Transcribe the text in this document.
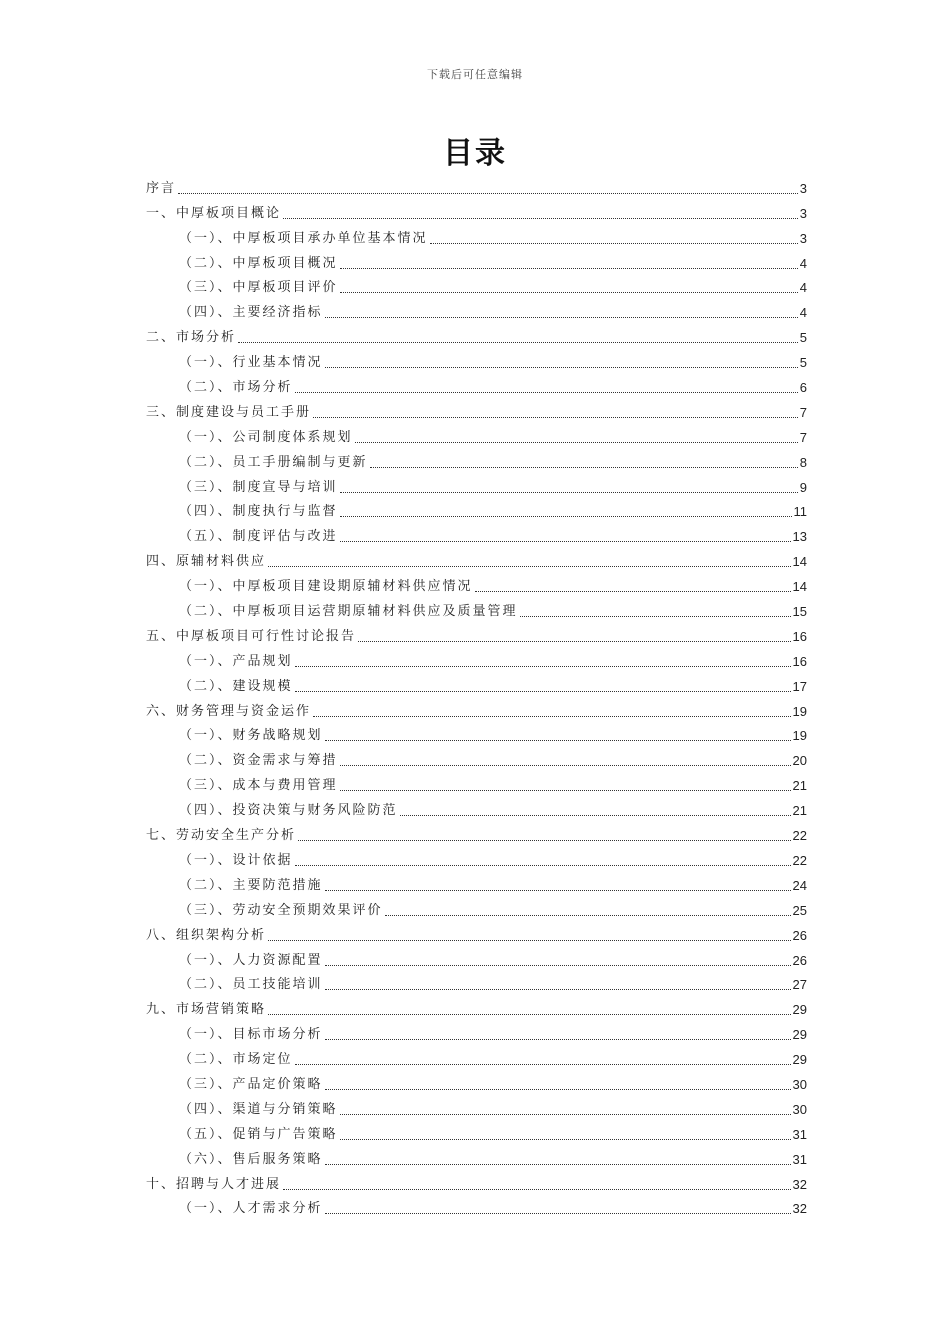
下载后可任意编辑
目录
序言	3
一、中厚板项目概论	3
（一）、中厚板项目承办单位基本情况	3
（二）、中厚板项目概况	4
（三）、中厚板项目评价	4
（四）、主要经济指标	4
二、市场分析	5
（一）、行业基本情况	5
（二）、市场分析	6
三、制度建设与员工手册	7
（一）、公司制度体系规划	7
（二）、员工手册编制与更新	8
（三）、制度宣导与培训	9
（四）、制度执行与监督	11
（五）、制度评估与改进	13
四、原辅材料供应	14
（一）、中厚板项目建设期原辅材料供应情况	14
（二）、中厚板项目运营期原辅材料供应及质量管理	15
五、中厚板项目可行性讨论报告	16
（一）、产品规划	16
（二）、建设规模	17
六、财务管理与资金运作	19
（一）、财务战略规划	19
（二）、资金需求与筹措	20
（三）、成本与费用管理	21
（四）、投资决策与财务风险防范	21
七、劳动安全生产分析	22
（一）、设计依据	22
（二）、主要防范措施	24
（三）、劳动安全预期效果评价	25
八、组织架构分析	26
（一）、人力资源配置	26
（二）、员工技能培训	27
九、市场营销策略	29
（一）、目标市场分析	29
（二）、市场定位	29
（三）、产品定价策略	30
（四）、渠道与分销策略	30
（五）、促销与广告策略	31
（六）、售后服务策略	31
十、招聘与人才进展	32
（一）、人才需求分析	32
